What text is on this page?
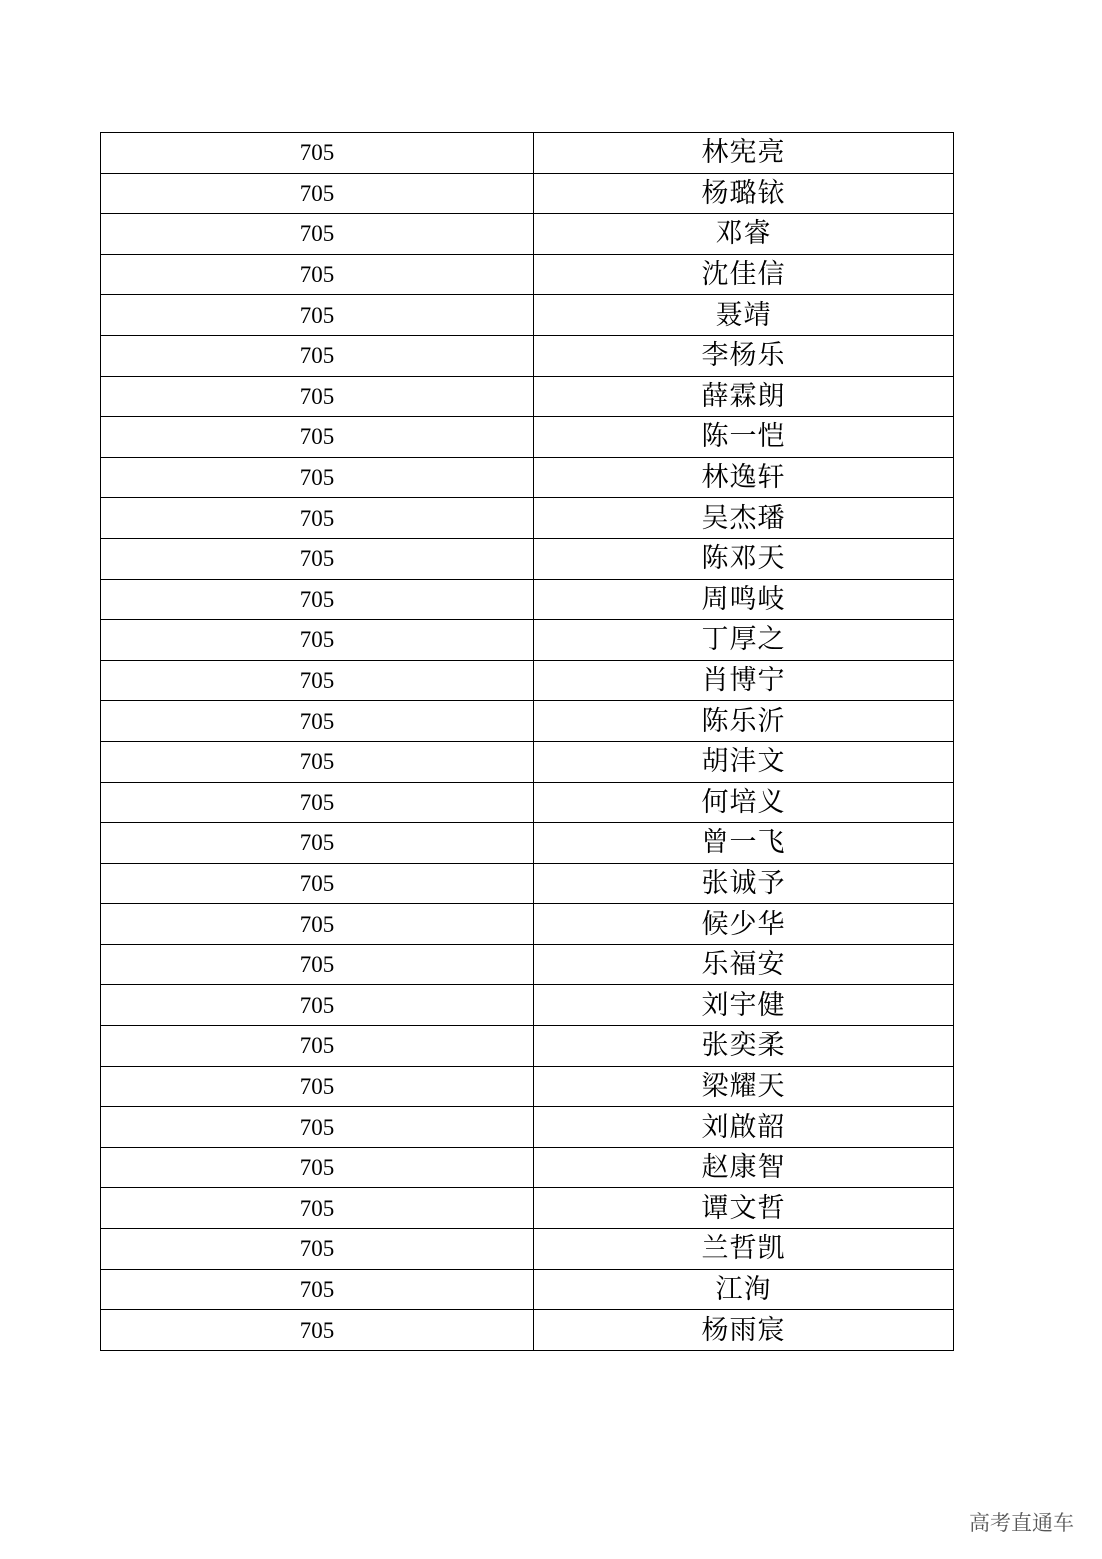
705	林宪亮
705	杨璐铱
705	邓睿
705	沈佳信
705	聂靖
705	李杨乐
705	薛霖朗
705	陈一恺
705	林逸轩
705	吴杰璠
705	陈邓天
705	周鸣岐
705	丁厚之
705	肖博宁
705	陈乐沂
705	胡沣文
705	何培义
705	曾一飞
705	张诚予
705	候少华
705	乐福安
705	刘宇健
705	张奕柔
705	梁耀天
705	刘啟韶
705	赵康智
705	谭文哲
705	兰哲凯
705	江洵
705	杨雨宸
高考直通车
